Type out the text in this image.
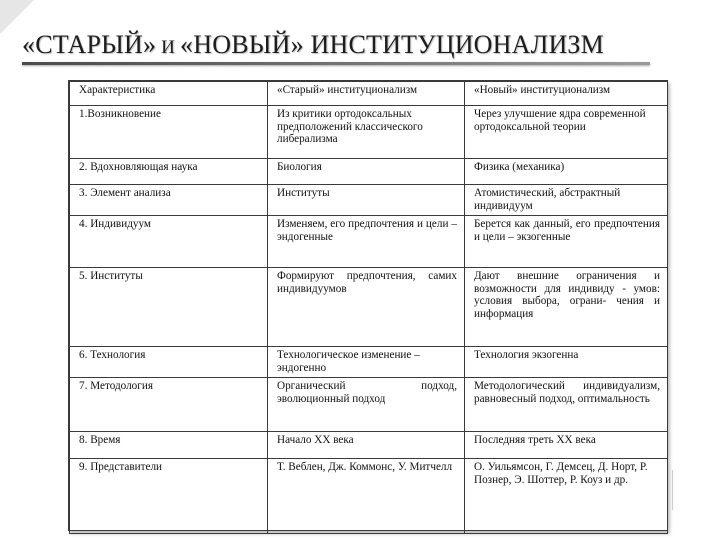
«СТАРЫЙ» И «НОВЫЙ» ИНСТИТУЦИОНАЛИЗМ
Характеристика	«Старый» институционализм	«Новый» институционализм
1.Возникновение	Из критики ортодоксальных предположений классического либерализма	Через улучшение ядра современной ортодоксальной теории
2. Вдохновляющая наука	Биология	Физика (механика)
3. Элемент анализа	Институты	Атомистический, абстрактный индивидуум
4. Индивидуум	Изменяем, его предпочтения и цели – эндогенные	Берется как данный, его предпочтения и цели – экзогенные
5. Институты	Формируют предпочтения, самих индивидуумов	Дают внешние ограничения и возможности для индивиду - умов: условия выбора, ограни- чения и информация
6. Технология	Технологическое изменение – эндогенно	Технология экзогенна
7. Методология	Органический подход, эволюционный подход	Методологический индивидуализм, равновесный подход, оптимальность
8. Время	Начало ХХ века	Последняя треть ХХ века
9. Представители	Т. Веблен, Дж. Коммонс, У. Митчелл	О. Уильямсон, Г. Демсец, Д. Норт, Р. Познер, Э. Шоттер, Р. Коуз и др.
